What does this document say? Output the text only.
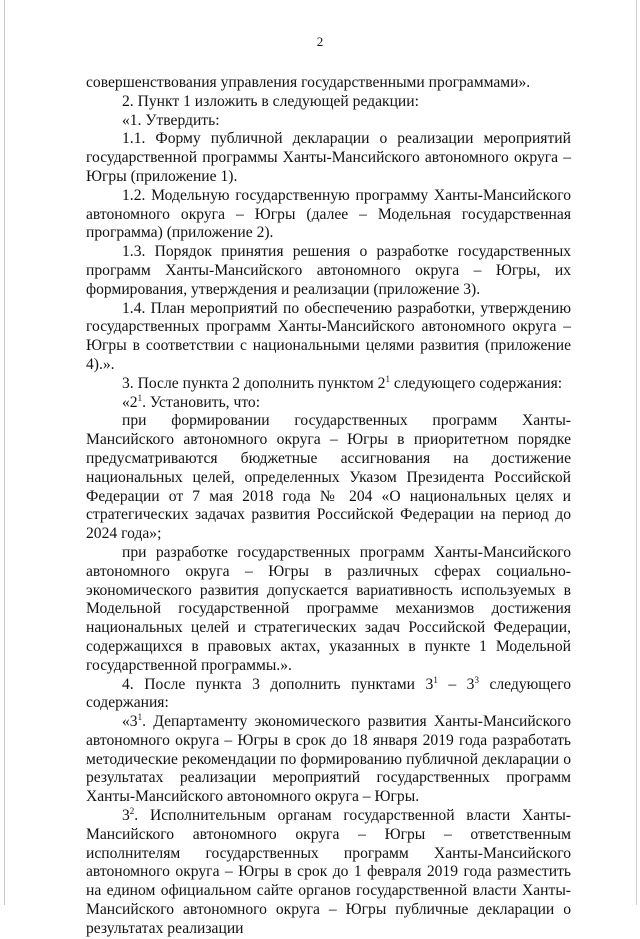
2

совершенствования управления государственными программами».

2. Пункт 1 изложить в следующей редакции:

«1. Утвердить:

1.1. Форму публичной декларации о реализации мероприятий государственной программы Ханты-Мансийского автономного округа – Югры (приложение 1).

1.2. Модельную государственную программу Ханты-Мансийского автономного округа – Югры (далее – Модельная государственная программа) (приложение 2).

1.3. Порядок принятия решения о разработке государственных программ Ханты-Мансийского автономного округа – Югры, их формирования, утверждения и реализации (приложение 3).

1.4. План мероприятий по обеспечению разработки, утверждению государственных программ Ханты-Мансийского автономного округа – Югры в соответствии с национальными целями развития (приложение 4).».

3. После пункта 2 дополнить пунктом $2^1$ следующего содержания:

«$2^1$. Установить, что:

при формировании государственных программ Ханты-Мансийского автономного округа – Югры в приоритетном порядке предусматриваются бюджетные ассигнования на достижение национальных целей, определенных Указом Президента Российской Федерации от 7 мая 2018 года № 204 «О национальных целях и стратегических задачах развития Российской Федерации на период до 2024 года»;

при разработке государственных программ Ханты-Мансийского автономного округа – Югры в различных сферах социально-экономического развития допускается вариативность используемых в Модельной государственной программе механизмов достижения национальных целей и стратегических задач Российской Федерации, содержащихся в правовых актах, указанных в пункте 1 Модельной государственной программы.».

4. После пункта 3 дополнить пунктами $3^1 - 3^3$ следующего содержания:

«$3^1$. Департаменту экономического развития Ханты-Мансийского автономного округа – Югры в срок до 18 января 2019 года разработать методические рекомендации по формированию публичной декларации о результатах реализации мероприятий государственных программ Ханты-Мансийского автономного округа – Югры.

$3^2$. Исполнительным органам государственной власти Ханты-Мансийского автономного округа – Югры – ответственным исполнителям государственных программ Ханты-Мансийского автономного округа – Югры в срок до 1 февраля 2019 года разместить на едином официальном сайте органов государственной власти Ханты-Мансийского автономного округа – Югры публичные декларации о результатах реализации
